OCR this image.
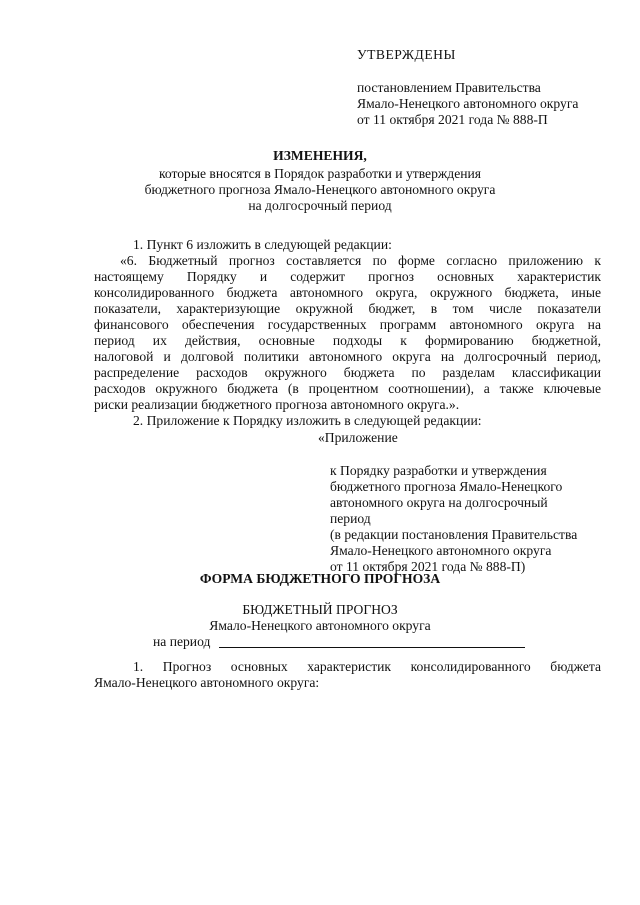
УТВЕРЖДЕНЫ
постановлением Правительства
Ямало-Ненецкого автономного округа
от 11 октября 2021 года № 888-П
ИЗМЕНЕНИЯ,
которые вносятся в Порядок разработки и утверждения
бюджетного прогноза Ямало-Ненецкого автономного округа
на долгосрочный период
1. Пункт 6 изложить в следующей редакции:
«6. Бюджетный прогноз составляется по форме согласно приложению к
настоящему Порядку и содержит прогноз основных характеристик
консолидированного бюджета автономного округа, окружного бюджета, иные
показатели, характеризующие окружной бюджет, в том числе показатели
финансового обеспечения государственных программ автономного округа на
период их действия, основные подходы к формированию бюджетной,
налоговой и долговой политики автономного округа на долгосрочный период,
распределение расходов окружного бюджета по разделам классификации
расходов окружного бюджета (в процентном соотношении), а также ключевые
риски реализации бюджетного прогноза автономного округа.».
2. Приложение к Порядку изложить в следующей редакции:
«Приложение
к Порядку разработки и утверждения
бюджетного прогноза Ямало-Ненецкого
автономного округа на долгосрочный
период
(в редакции постановления Правительства
Ямало-Ненецкого автономного округа
от 11 октября 2021 года № 888-П)
ФОРМА БЮДЖЕТНОГО ПРОГНОЗА
БЮДЖЕТНЫЙ ПРОГНОЗ
Ямало-Ненецкого автономного округа
на период
1. Прогноз основных характеристик консолидированного бюджета
Ямало-Ненецкого автономного округа:
